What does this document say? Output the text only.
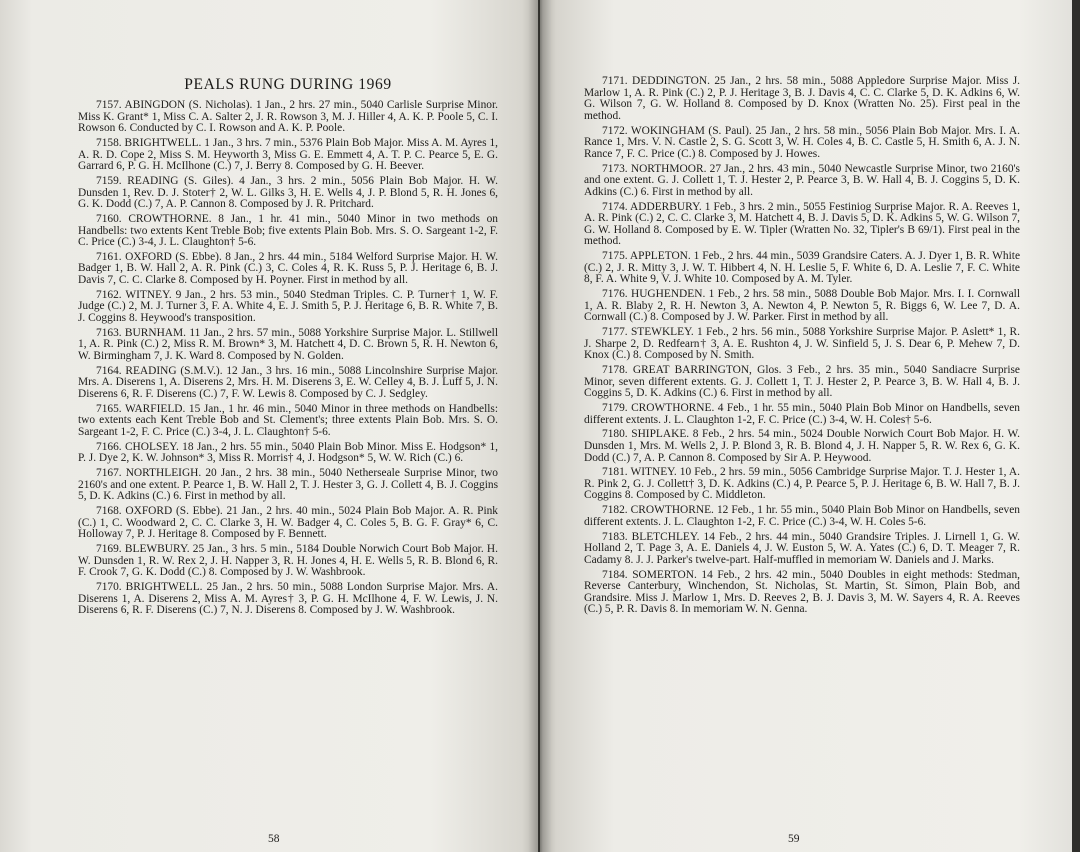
PEALS RUNG DURING 1969

7157. ABINGDON (S. Nicholas). 1 Jan., 2 hrs. 27 min., 5040 Carlisle Surprise Minor. Miss K. Grant* 1, Miss C. A. Salter 2, J. R. Rowson 3, M. J. Hiller 4, A. K. P. Poole 5, C. I. Rowson 6. Conducted by C. I. Rowson and A. K. P. Poole.

7158. BRIGHTWELL. 1 Jan., 3 hrs. 7 min., 5376 Plain Bob Major. Miss A. M. Ayres 1, A. R. D. Cope 2, Miss S. M. Heyworth 3, Miss G. E. Emmett 4, A. T. P. C. Pearce 5, E. G. Garrard 6, P. G. H. McIlhone (C.) 7, J. Berry 8. Composed by G. H. Beever.

7159. READING (S. Giles). 4 Jan., 3 hrs. 2 min., 5056 Plain Bob Major. H. W. Dunsden 1, Rev. D. J. Stoter† 2, W. L. Gilks 3, H. E. Wells 4, J. P. Blond 5, R. H. Jones 6, G. K. Dodd (C.) 7, A. P. Cannon 8. Composed by J. R. Pritchard.

7160. CROWTHORNE. 8 Jan., 1 hr. 41 min., 5040 Minor in two methods on Handbells: two extents Kent Treble Bob; five extents Plain Bob. Mrs. S. O. Sargeant 1-2, F. C. Price (C.) 3-4, J. L. Claughton† 5-6.

7161. OXFORD (S. Ebbe). 8 Jan., 2 hrs. 44 min., 5184 Welford Surprise Major. H. W. Badger 1, B. W. Hall 2, A. R. Pink (C.) 3, C. Coles 4, R. K. Russ 5, P. J. Heritage 6, B. J. Davis 7, C. C. Clarke 8. Composed by H. Poyner. First in method by all.

7162. WITNEY. 9 Jan., 2 hrs. 53 min., 5040 Stedman Triples. C. P. Turner† 1, W. F. Judge (C.) 2, M. J. Turner 3, F. A. White 4, E. J. Smith 5, P. J. Heritage 6, B. R. White 7, B. J. Coggins 8. Heywood's transposition.

7163. BURNHAM. 11 Jan., 2 hrs. 57 min., 5088 Yorkshire Surprise Major. L. Stillwell 1, A. R. Pink (C.) 2, Miss R. M. Brown* 3, M. Hatchett 4, D. C. Brown 5, R. H. Newton 6, W. Birmingham 7, J. K. Ward 8. Composed by N. Golden.

7164. READING (S.M.V.). 12 Jan., 3 hrs. 16 min., 5088 Lincolnshire Surprise Major. Mrs. A. Diserens 1, A. Diserens 2, Mrs. H. M. Diserens 3, E. W. Celley 4, B. J. Luff 5, J. N. Diserens 6, R. F. Diserens (C.) 7, F. W. Lewis 8. Composed by C. J. Sedgley.

7165. WARFIELD. 15 Jan., 1 hr. 46 min., 5040 Minor in three methods on Handbells: two extents each Kent Treble Bob and St. Clement's; three extents Plain Bob. Mrs. S. O. Sargeant 1-2, F. C. Price (C.) 3-4, J. L. Claughton† 5-6.

7166. CHOLSEY. 18 Jan., 2 hrs. 55 min., 5040 Plain Bob Minor. Miss E. Hodgson* 1, P. J. Dye 2, K. W. Johnson* 3, Miss R. Morris† 4, J. Hodgson* 5, W. W. Rich (C.) 6.

7167. NORTHLEIGH. 20 Jan., 2 hrs. 38 min., 5040 Netherseale Surprise Minor, two 2160's and one extent. P. Pearce 1, B. W. Hall 2, T. J. Hester 3, G. J. Collett 4, B. J. Coggins 5, D. K. Adkins (C.) 6. First in method by all.

7168. OXFORD (S. Ebbe). 21 Jan., 2 hrs. 40 min., 5024 Plain Bob Major. A. R. Pink (C.) 1, C. Woodward 2, C. C. Clarke 3, H. W. Badger 4, C. Coles 5, B. G. F. Gray* 6, C. Holloway 7, P. J. Heritage 8. Composed by F. Bennett.

7169. BLEWBURY. 25 Jan., 3 hrs. 5 min., 5184 Double Norwich Court Bob Major. H. W. Dunsden 1, R. W. Rex 2, J. H. Napper 3, R. H. Jones 4, H. E. Wells 5, R. B. Blond 6, R. F. Crook 7, G. K. Dodd (C.) 8. Composed by J. W. Washbrook.

7170. BRIGHTWELL. 25 Jan., 2 hrs. 50 min., 5088 London Surprise Major. Mrs. A. Diserens 1, A. Diserens 2, Miss A. M. Ayres† 3, P. G. H. McIlhone 4, F. W. Lewis, J. N. Diserens 6, R. F. Diserens (C.) 7, N. J. Diserens 8. Composed by J. W. Washbrook.

58

7171. DEDDINGTON. 25 Jan., 2 hrs. 58 min., 5088 Appledore Surprise Major. Miss J. Marlow 1, A. R. Pink (C.) 2, P. J. Heritage 3, B. J. Davis 4, C. C. Clarke 5, D. K. Adkins 6, W. G. Wilson 7, G. W. Holland 8. Composed by D. Knox (Wratten No. 25). First peal in the method.

7172. WOKINGHAM (S. Paul). 25 Jan., 2 hrs. 58 min., 5056 Plain Bob Major. Mrs. I. A. Rance 1, Mrs. V. N. Castle 2, S. G. Scott 3, W. H. Coles 4, B. C. Castle 5, H. Smith 6, A. J. N. Rance 7, F. C. Price (C.) 8. Composed by J. Howes.

7173. NORTHMOOR. 27 Jan., 2 hrs. 43 min., 5040 Newcastle Surprise Minor, two 2160's and one extent. G. J. Collett 1, T. J. Hester 2, P. Pearce 3, B. W. Hall 4, B. J. Coggins 5, D. K. Adkins (C.) 6. First in method by all.

7174. ADDERBURY. 1 Feb., 3 hrs. 2 min., 5055 Festiniog Surprise Major. R. A. Reeves 1, A. R. Pink (C.) 2, C. C. Clarke 3, M. Hatchett 4, B. J. Davis 5, D. K. Adkins 5, W. G. Wilson 7, G. W. Holland 8. Composed by E. W. Tipler (Wratten No. 32, Tipler's B 69/1). First peal in the method.

7175. APPLETON. 1 Feb., 2 hrs. 44 min., 5039 Grandsire Caters. A. J. Dyer 1, B. R. White (C.) 2, J. R. Mitty 3, J. W. T. Hibbert 4, N. H. Leslie 5, F. White 6, D. A. Leslie 7, F. C. White 8, F. A. White 9, V. J. White 10. Composed by A. M. Tyler.

7176. HUGHENDEN. 1 Feb., 2 hrs. 58 min., 5088 Double Bob Major. Mrs. I. I. Cornwall 1, A. R. Blaby 2, R. H. Newton 3, A. Newton 4, P. Newton 5, R. Biggs 6, W. Lee 7, D. A. Cornwall (C.) 8. Composed by J. W. Parker. First in method by all.

7177. STEWKLEY. 1 Feb., 2 hrs. 56 min., 5088 Yorkshire Surprise Major. P. Aslett* 1, R. J. Sharpe 2, D. Redfearn† 3, A. E. Rushton 4, J. W. Sinfield 5, J. S. Dear 6, P. Mehew 7, D. Knox (C.) 8. Composed by N. Smith.

7178. GREAT BARRINGTON, Glos. 3 Feb., 2 hrs. 35 min., 5040 Sandiacre Surprise Minor, seven different extents. G. J. Collett 1, T. J. Hester 2, P. Pearce 3, B. W. Hall 4, B. J. Coggins 5, D. K. Adkins (C.) 6. First in method by all.

7179. CROWTHORNE. 4 Feb., 1 hr. 55 min., 5040 Plain Bob Minor on Handbells, seven different extents. J. L. Claughton 1-2, F. C. Price (C.) 3-4, W. H. Coles† 5-6.

7180. SHIPLAKE. 8 Feb., 2 hrs. 54 min., 5024 Double Norwich Court Bob Major. H. W. Dunsden 1, Mrs. M. Wells 2, J. P. Blond 3, R. B. Blond 4, J. H. Napper 5, R. W. Rex 6, G. K. Dodd (C.) 7, A. P. Cannon 8. Composed by Sir A. P. Heywood.

7181. WITNEY. 10 Feb., 2 hrs. 59 min., 5056 Cambridge Surprise Major. T. J. Hester 1, A. R. Pink 2, G. J. Collett† 3, D. K. Adkins (C.) 4, P. Pearce 5, P. J. Heritage 6, B. W. Hall 7, B. J. Coggins 8. Composed by C. Middleton.

7182. CROWTHORNE. 12 Feb., 1 hr. 55 min., 5040 Plain Bob Minor on Handbells, seven different extents. J. L. Claughton 1-2, F. C. Price (C.) 3-4, W. H. Coles 5-6.

7183. BLETCHLEY. 14 Feb., 2 hrs. 44 min., 5040 Grandsire Triples. J. Lirnell 1, G. W. Holland 2, T. Page 3, A. E. Daniels 4, J. W. Euston 5, W. A. Yates (C.) 6, D. T. Meager 7, R. Cadamy 8. J. J. Parker's twelve-part. Half-muffled in memoriam W. Daniels and J. Marks.

7184. SOMERTON. 14 Feb., 2 hrs. 42 min., 5040 Doubles in eight methods: Stedman, Reverse Canterbury, Winchendon, St. Nicholas, St. Martin, St. Simon, Plain Bob, and Grandsire. Miss J. Marlow 1, Mrs. D. Reeves 2, B. J. Davis 3, M. W. Sayers 4, R. A. Reeves (C.) 5, P. R. Davis 8. In memoriam W. N. Genna.

59
